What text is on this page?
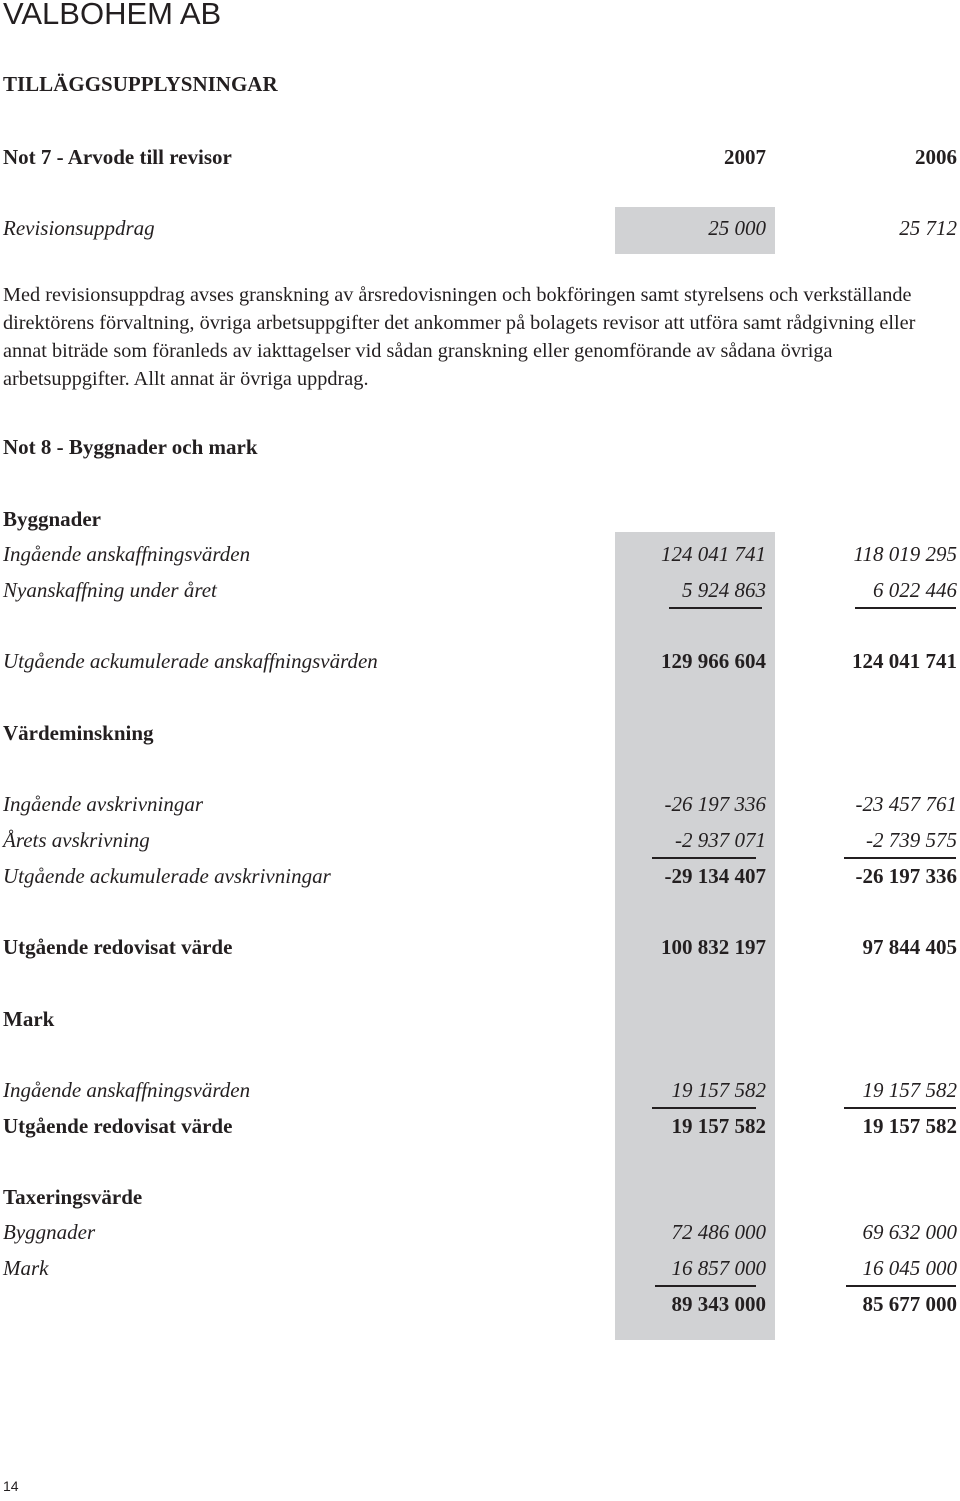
VALBOHEM AB
TILLÄGGSUPPLYSNINGAR
Not 7 - Arvode till revisor	2007	2006
Revisionsuppdrag	25 000	25 712
Med revisionsuppdrag avses granskning av årsredovisningen och bokföringen samt styrelsens och verkställande direktörens förvaltning, övriga arbetsuppgifter det ankommer på bolagets revisor att utföra samt rådgivning eller annat biträde som föranleds av iakttagelser vid sådan granskning eller genomförande av sådana övriga arbetsuppgifter. Allt annat är övriga uppdrag.
Not 8 - Byggnader och mark
Byggnader
Ingående anskaffningsvärden	124 041 741	118 019 295
Nyanskaffning under året	5 924 863	6 022 446
Utgående ackumulerade anskaffningsvärden	129 966 604	124 041 741
Värdeminskning
Ingående avskrivningar	-26 197 336	-23 457 761
Årets avskrivning	-2 937 071	-2 739 575
Utgående ackumulerade avskrivningar	-29 134 407	-26 197 336
Utgående redovisat värde	100 832 197	97 844 405
Mark
Ingående anskaffningsvärden	19 157 582	19 157 582
Utgående redovisat värde	19 157 582	19 157 582
Taxeringsvärde
Byggnader	72 486 000	69 632 000
Mark	16 857 000	16 045 000
89 343 000	85 677 000
14
